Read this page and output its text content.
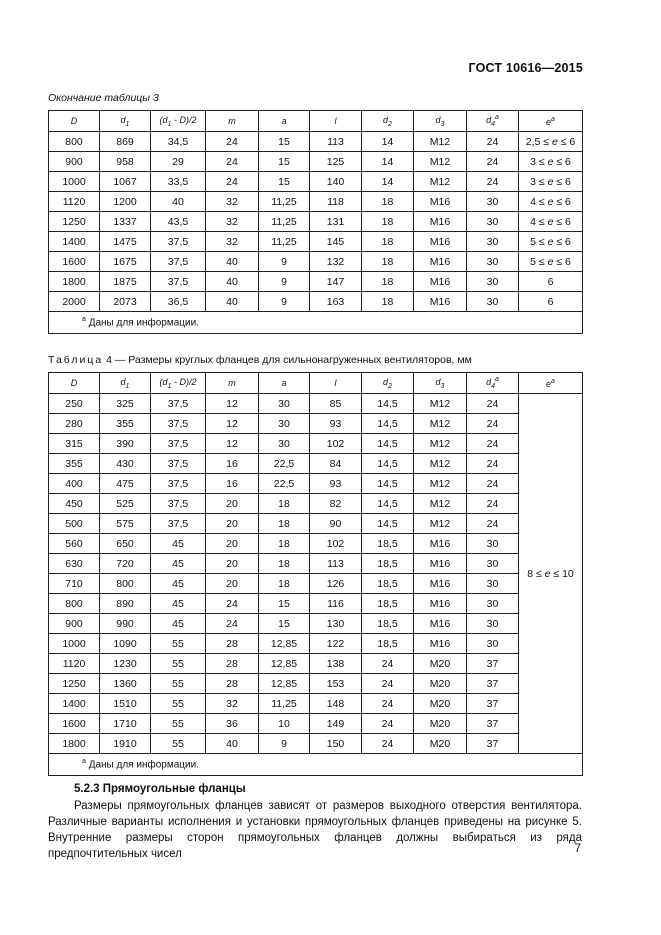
ГОСТ 10616—2015
Окончание таблицы 3
D	$d_1$	$(d_1 - D)/2$	m	a	l	$d_2$	$d_3$	$d_4^a$	$e^a$
800	869	34,5	24	15	113	14	M12	24	2,5 ≤ e ≤ 6
900	958	29	24	15	125	14	M12	24	3 ≤ e ≤ 6
1000	1067	33,5	24	15	140	14	M12	24	3 ≤ e ≤ 6
1120	1200	40	32	11,25	118	18	M16	30	4 ≤ e ≤ 6
1250	1337	43,5	32	11,25	131	18	M16	30	4 ≤ e ≤ 6
1400	1475	37,5	32	11,25	145	18	M16	30	5 ≤ e ≤ 6
1600	1675	37,5	40	9	132	18	M16	30	5 ≤ e ≤ 6
1800	1875	37,5	40	9	147	18	M16	30	6
2000	2073	36,5	40	9	163	18	M16	30	6
$^a$ Даны для информации.									
Таблица 4 — Размеры круглых фланцев для сильнонагруженных вентиляторов, мм
D	$d_1$	$(d_1 - D)/2$	m	a	l	$d_2$	$d_3$	$d_4^a$	$e^a$
250	325	37,5	12	30	85	14,5	M12	24	8 ≤ e ≤ 10
280	355	37,5	12	30	93	14,5	M12	24	
315	390	37,5	12	30	102	14,5	M12	24	
355	430	37,5	16	22,5	84	14,5	M12	24	
400	475	37,5	16	22,5	93	14,5	M12	24	
450	525	37,5	20	18	82	14,5	M12	24	
500	575	37,5	20	18	90	14,5	M12	24	
560	650	45	20	18	102	18,5	M16	30	
630	720	45	20	18	113	18,5	M16	30	
710	800	45	20	18	126	18,5	M16	30	
800	890	45	24	15	116	18,5	M16	30	
900	990	45	24	15	130	18,5	M16	30	
1000	1090	55	28	12,85	122	18,5	M16	30	
1120	1230	55	28	12,85	138	24	M20	37	
1250	1360	55	28	12,85	153	24	M20	37	
1400	1510	55	32	11,25	148	24	M20	37	
1600	1710	55	36	10	149	24	M20	37	
1800	1910	55	40	9	150	24	M20	37	
$^a$ Даны для информации.									
5.2.3 Прямоугольные фланцы

Размеры прямоугольных фланцев зависят от размеров выходного отверстия вентилятора. Различные варианты исполнения и установки прямоугольных фланцев приведены на рисунке 5. Внутренние размеры сторон прямоугольных фланцев должны выбираться из ряда предпочтительных чисел	7
